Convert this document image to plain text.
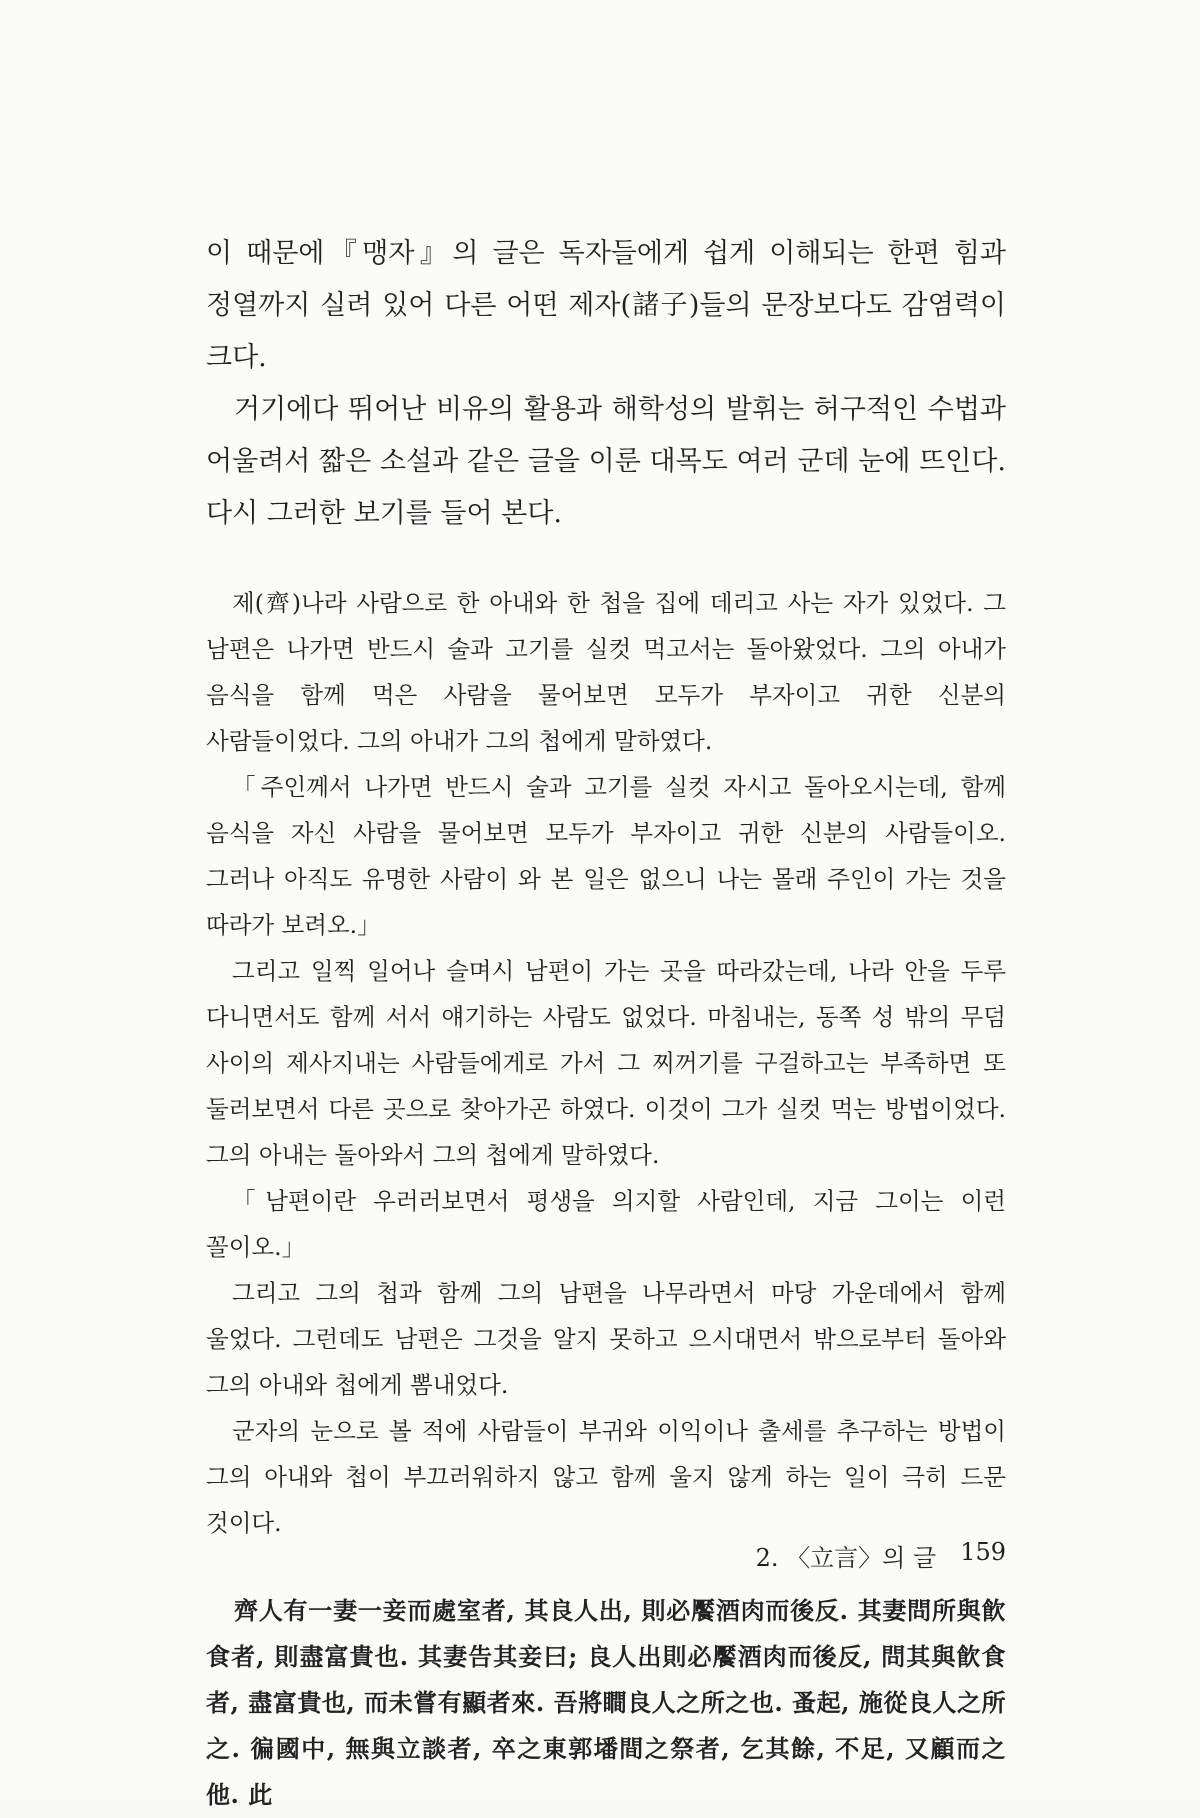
이 때문에『맹자』의 글은 독자들에게 쉽게 이해되는 한편 힘과 정열까지 실려 있어 다른 어떤 제자(諸子)들의 문장보다도 감염력이 크다.

거기에다 뛰어난 비유의 활용과 해학성의 발휘는 허구적인 수법과 어울려서 짧은 소설과 같은 글을 이룬 대목도 여러 군데 눈에 뜨인다. 다시 그러한 보기를 들어 본다.

제(齊)나라 사람으로 한 아내와 한 첩을 집에 데리고 사는 자가 있었다. 그 남편은 나가면 반드시 술과 고기를 실컷 먹고서는 돌아왔었다. 그의 아내가 음식을 함께 먹은 사람을 물어보면 모두가 부자이고 귀한 신분의 사람들이었다. 그의 아내가 그의 첩에게 말하였다.

「주인께서 나가면 반드시 술과 고기를 실컷 자시고 돌아오시는데, 함께 음식을 자신 사람을 물어보면 모두가 부자이고 귀한 신분의 사람들이오. 그러나 아직도 유명한 사람이 와 본 일은 없으니 나는 몰래 주인이 가는 것을 따라가 보려오.」

그리고 일찍 일어나 슬며시 남편이 가는 곳을 따라갔는데, 나라 안을 두루 다니면서도 함께 서서 얘기하는 사람도 없었다. 마침내는, 동쪽 성 밖의 무덤 사이의 제사지내는 사람들에게로 가서 그 찌꺼기를 구걸하고는 부족하면 또 둘러보면서 다른 곳으로 찾아가곤 하였다. 이것이 그가 실컷 먹는 방법이었다. 그의 아내는 돌아와서 그의 첩에게 말하였다.

「남편이란 우러러보면서 평생을 의지할 사람인데, 지금 그이는 이런 꼴이오.」

그리고 그의 첩과 함께 그의 남편을 나무라면서 마당 가운데에서 함께 울었다. 그런데도 남편은 그것을 알지 못하고 으시대면서 밖으로부터 돌아와 그의 아내와 첩에게 뽐내었다.

군자의 눈으로 볼 적에 사람들이 부귀와 이익이나 출세를 추구하는 방법이 그의 아내와 첩이 부끄러워하지 않고 함께 울지 않게 하는 일이 극히 드문 것이다.

齊人有一妻一妾而處室者, 其良人出, 則必饜酒肉而後反. 其妻問所與飮食者, 則盡富貴也. 其妻告其妾曰; 良人出則必饜酒肉而後反, 問其與飮食者, 盡富貴也, 而未嘗有顯者來. 吾將瞷良人之所之也. 蚤起, 施從良人之所之. 徧國中, 無與立談者, 卒之東郭墦間之祭者, 乞其餘, 不足, 又顧而之他. 此

2. 〈立言〉의 글 159
